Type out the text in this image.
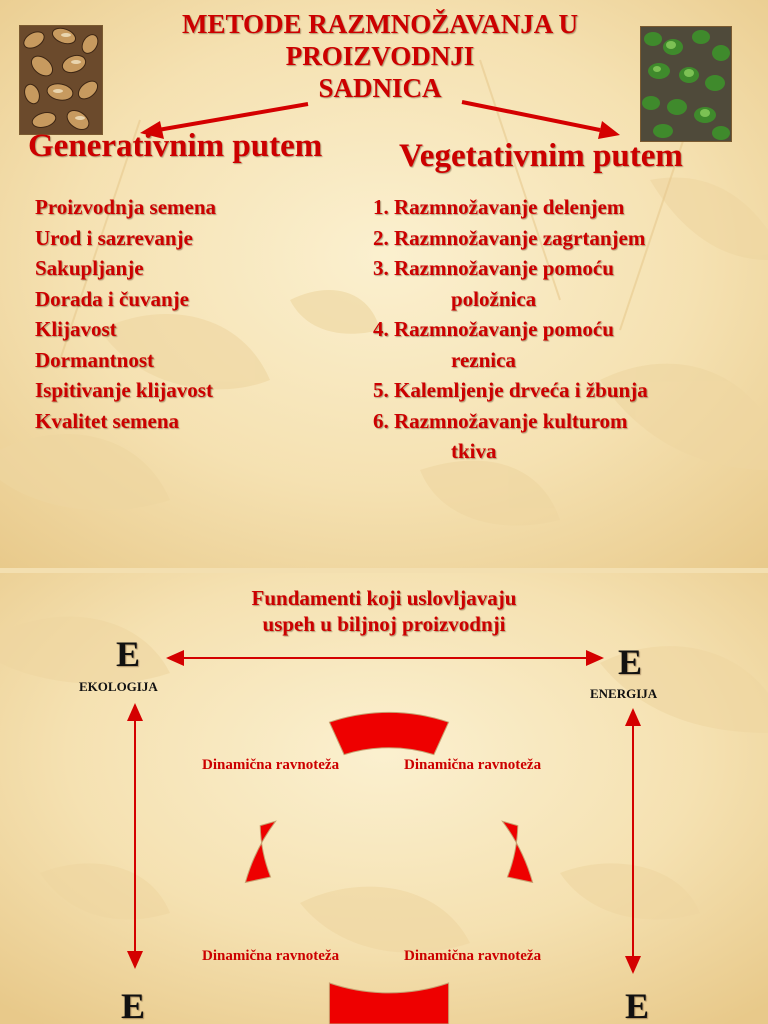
METODE RAZMNOŽAVANJA U
PROIZVODNJI
SADNICA
Generativnim putem Vegetativnim putem
Proizvodnja semena
Urod i sazrevanje
Sakupljanje
Dorada i čuvanje
Klijavost
Dormantnost
Ispitivanje klijavost
Kvalitet semena
1. Razmnožavanje delenjem
2. Razmnožavanje zagrtanjem
3. Razmnožavanje pomoću
položnica
4. Razmnožavanje pomoću
reznica
5. Kalemljenje drveća i žbunja
6. Razmnožavanje kulturom
tkiva
Fundamenti koji uslovljavaju
uspeh u biljnoj proizvodnji
E
EKOLOGIJA
E
ENERGIJA
E	E
Dinamična ravnoteža	Dinamična ravnoteža
Dinamična ravnoteža	Dinamična ravnoteža
